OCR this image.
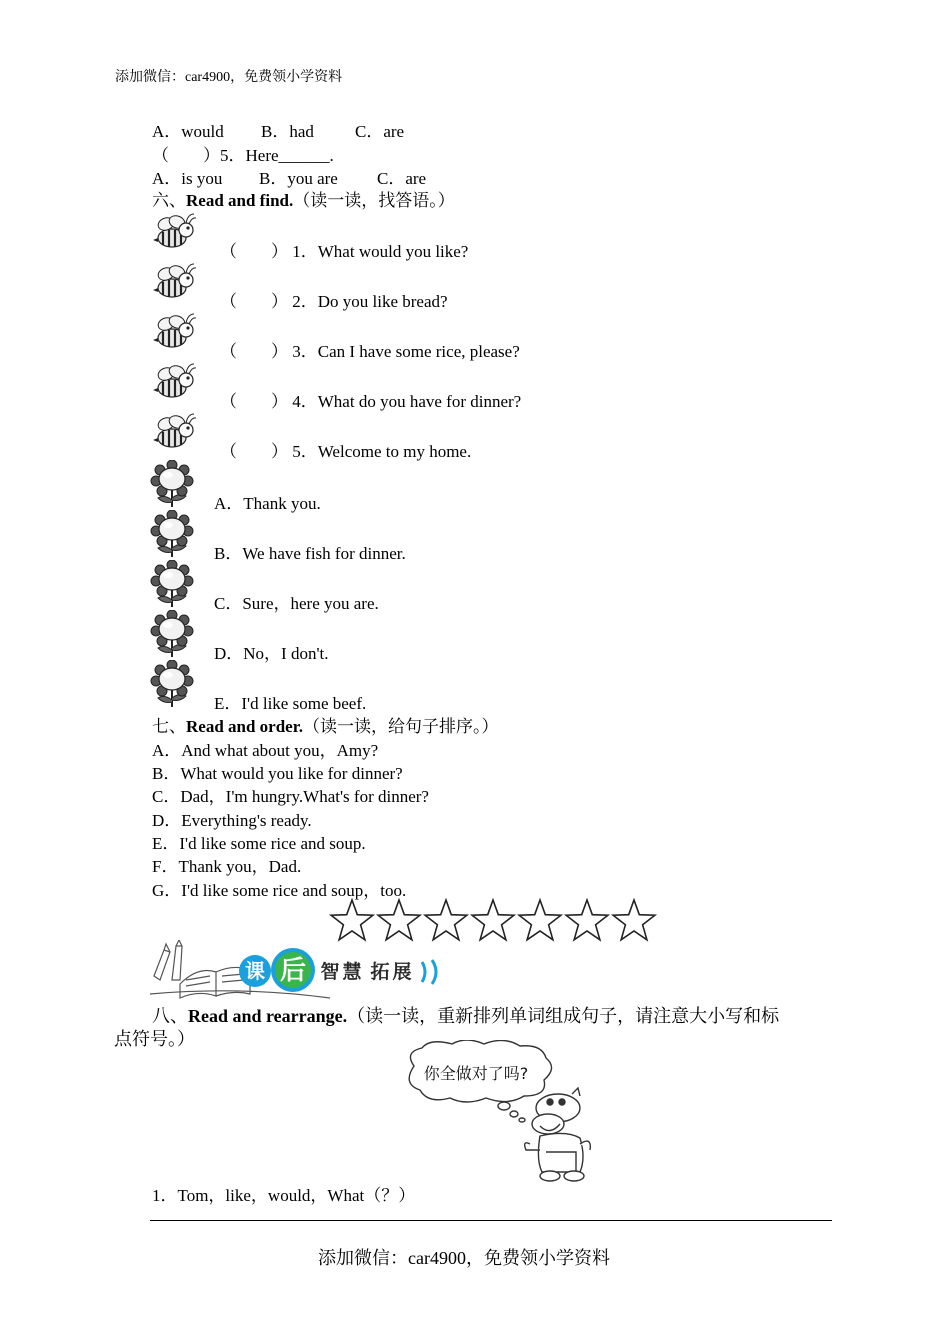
添加微信：car4900，免费领小学资料
添加微信：car4900，免费领小学资料
A．would B．had C．are
（　　）5．Here______.
A．is you B．you are C．are
六、Read and find.（读一读，找答语。）
（　　） 1．What would you like?
（　　） 2．Do you like bread?
（　　） 3．Can I have some rice, please?
（　　） 4．What do you have for dinner?
（　　） 5．Welcome to my home.
A．Thank you.
B．We have fish for dinner.
C．Sure，here you are.
D．No，I don't.
E．I'd like some beef.
七、Read and order.（读一读，给句子排序。）
A．And what about you，Amy?
B．What would you like for dinner?
C．Dad，I'm hungry.What's for dinner?
D．Everything's ready.
E．I'd like some rice and soup.
F．Thank you，Dad.
G．I'd like some rice and soup，too.
课 后 智 慧 拓 展
八、Read and rearrange.（读一读，重新排列单词组成句子，请注意大小写和标
点符号。）
你全做对了吗?
1．Tom，like，would，What（？）
